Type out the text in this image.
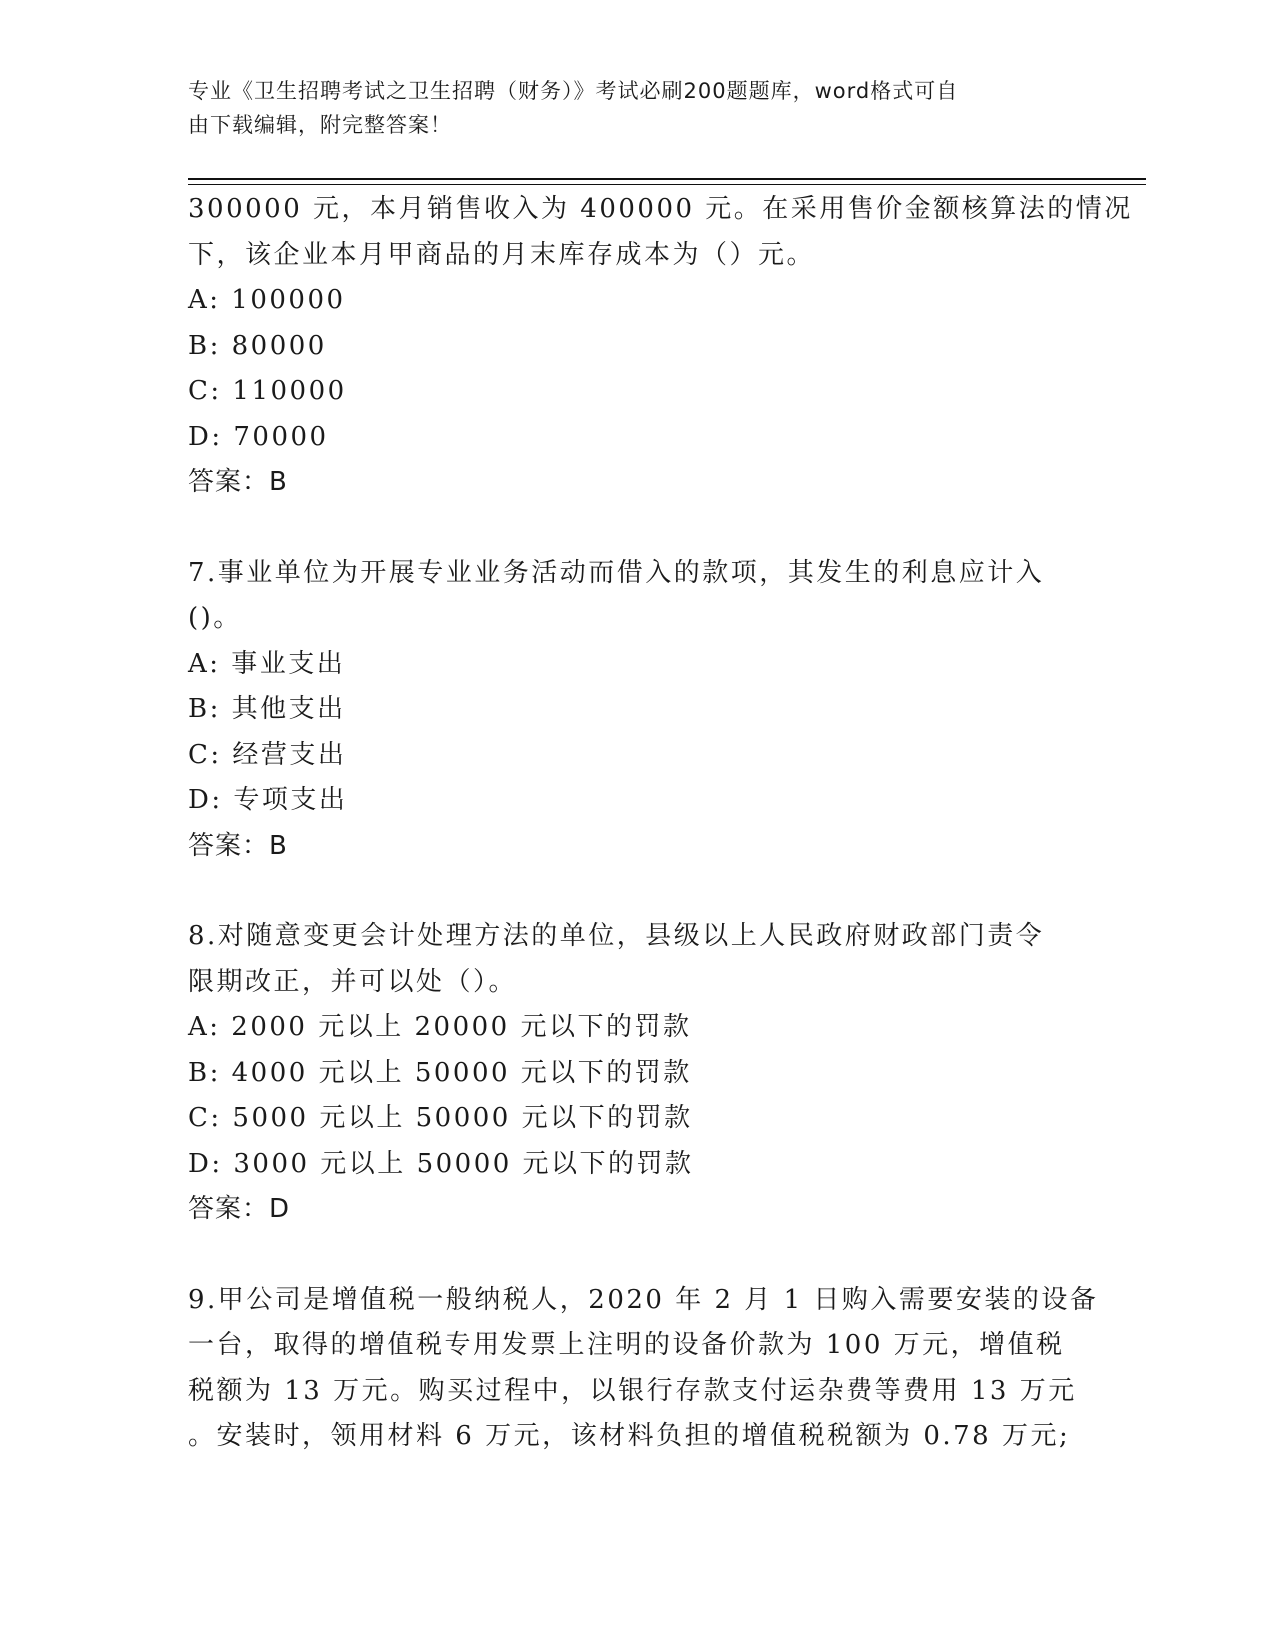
专业《卫生招聘考试之卫生招聘（财务）》考试必刷200题题库，word格式可自
由下载编辑，附完整答案！
300000 元，本月销售收入为 400000 元。在采用售价金额核算法的情况
下，该企业本月甲商品的月末库存成本为（）元。
A: 100000
B: 80000
C: 110000
D: 70000
答案：B
7.事业单位为开展专业业务活动而借入的款项，其发生的利息应计入
()。
A: 事业支出
B: 其他支出
C: 经营支出
D: 专项支出
答案：B
8.对随意变更会计处理方法的单位，县级以上人民政府财政部门责令
限期改正，并可以处（）。
A: 2000 元以上 20000 元以下的罚款
B: 4000 元以上 50000 元以下的罚款
C: 5000 元以上 50000 元以下的罚款
D: 3000 元以上 50000 元以下的罚款
答案：D
9.甲公司是增值税一般纳税人，2020 年 2 月 1 日购入需要安装的设备
一台，取得的增值税专用发票上注明的设备价款为 100 万元，增值税
税额为 13 万元。购买过程中，以银行存款支付运杂费等费用 13 万元
。安装时，领用材料 6 万元，该材料负担的增值税税额为 0.78 万元;
